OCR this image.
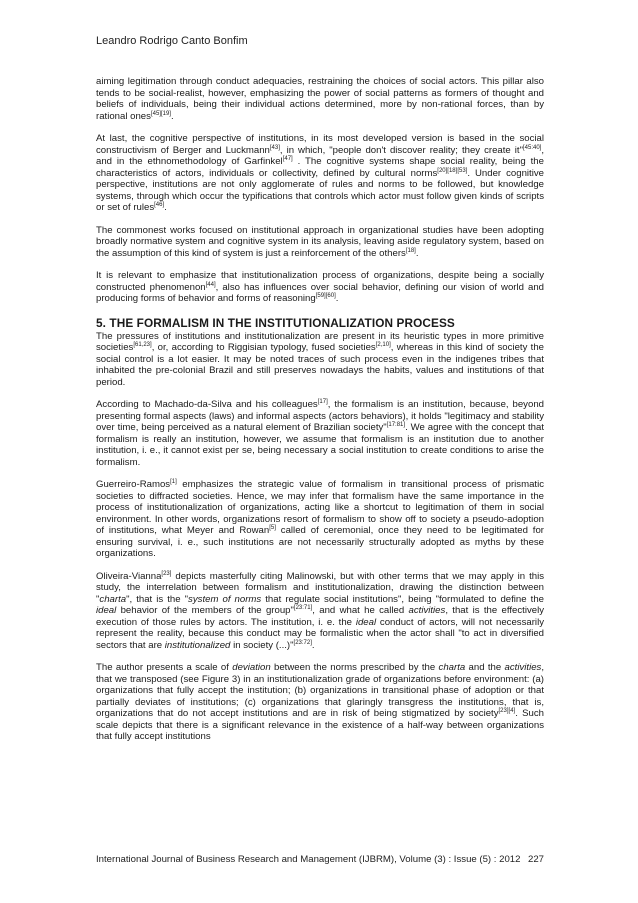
Leandro Rodrigo Canto Bonfim

aiming legitimation through conduct adequacies, restraining the choices of social actors. This pillar also tends to be social-realist, however, emphasizing the power of social patterns as formers of thought and beliefs of individuals, being their individual actions determined, more by non-rational forces, than by rational ones[45][19].

At last, the cognitive perspective of institutions, in its most developed version is based in the social constructivism of Berger and Luckmann[43], in which, "people don't discover reality; they create it"[45:40], and in the ethnomethodology of Garfinkel[47] . The cognitive systems shape social reality, being the characteristics of actors, individuals or collectivity, defined by cultural norms[20][18][53]. Under cognitive perspective, institutions are not only agglomerate of rules and norms to be followed, but knowledge systems, through which occur the typifications that controls which actor must follow given kinds of scripts or set of rules[46].

The commonest works focused on institutional approach in organizational studies have been adopting broadly normative system and cognitive system in its analysis, leaving aside regulatory system, based on the assumption of this kind of system is just a reinforcement of the others[18].

It is relevant to emphasize that institutionalization process of organizations, despite being a socially constructed phenomenon[44], also has influences over social behavior, defining our vision of world and producing forms of behavior and forms of reasoning[59][60].

5. THE FORMALISM IN THE INSTITUTIONALIZATION PROCESS

The pressures of institutions and institutionalization are present in its heuristic types in more primitive societies[61,23], or, according to Riggisian typology, fused societies[2,10], whereas in this kind of society the social control is a lot easier. It may be noted traces of such process even in the indigenes tribes that inhabited the pre-colonial Brazil and still preserves nowadays the habits, values and institutions of that period.

According to Machado-da-Silva and his colleagues[17], the formalism is an institution, because, beyond presenting formal aspects (laws) and informal aspects (actors behaviors), it holds "legitimacy and stability over time, being perceived as a natural element of Brazilian society"[17:81]. We agree with the concept that formalism is really an institution, however, we assume that formalism is an institution due to another institution, i. e., it cannot exist per se, being necessary a social institution to create conditions to arise the formalism.

Guerreiro-Ramos[1] emphasizes the strategic value of formalism in transitional process of prismatic societies to diffracted societies. Hence, we may infer that formalism have the same importance in the process of institutionalization of organizations, acting like a shortcut to legitimation of them in social environment. In other words, organizations resort of formalism to show off to society a pseudo-adoption of institutions, what Meyer and Rowan[5] called of ceremonial, once they need to be legitimated for ensuring survival, i. e., such institutions are not necessarily structurally adopted as myths by these organizations.

Oliveira-Vianna[23] depicts masterfully citing Malinowski, but with other terms that we may apply in this study, the interrelation between formalism and institutionalization, drawing the distinction between "charta", that is the "system of norms that regulate social institutions", being "formulated to define the ideal behavior of the members of the group"[23:71], and what he called activities, that is the effectively execution of those rules by actors. The institution, i. e. the ideal conduct of actors, will not necessarily represent the reality, because this conduct may be formalistic when the actor shall "to act in diversified sectors that are institutionalized in society (...)"[23:72].

The author presents a scale of deviation between the norms prescribed by the charta and the activities, that we transposed (see Figure 3) in an institutionalization grade of organizations before environment: (a) organizations that fully accept the institution; (b) organizations in transitional phase of adoption or that partially deviates of institutions; (c) organizations that glaringly transgress the institutions, that is, organizations that do not accept institutions and are in risk of being stigmatized by society[23][4]. Such scale depicts that there is a significant relevance in the existence of a half-way between organizations that fully accept institutions

International Journal of Business Research and Management (IJBRM), Volume (3) : Issue (5) : 2012 227
